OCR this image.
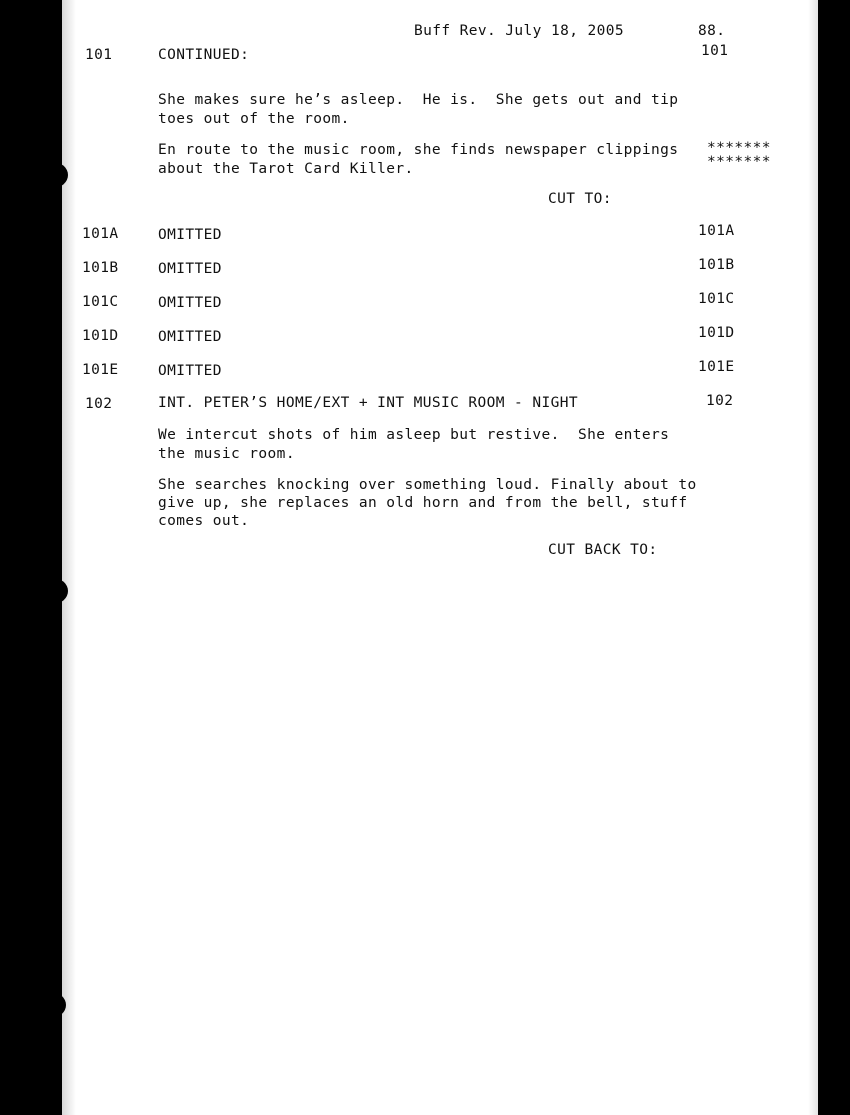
Buff Rev. July 18, 2005	88.
101	CONTINUED:	101
She makes sure he’s asleep.  He is.  She gets out and tip
toes out of the room.
En route to the music room, she finds newspaper clippings
about the Tarot Card Killer.
*******
*******
CUT TO:
101A	OMITTED	101A
101B	OMITTED	101B
101C	OMITTED	101C
101D	OMITTED	101D
101E	OMITTED	101E
102	INT. PETER’S HOME/EXT + INT MUSIC ROOM - NIGHT	102
We intercut shots of him asleep but restive.  She enters
the music room.
She searches knocking over something loud. Finally about to
give up, she replaces an old horn and from the bell, stuff
comes out.
CUT BACK TO:
